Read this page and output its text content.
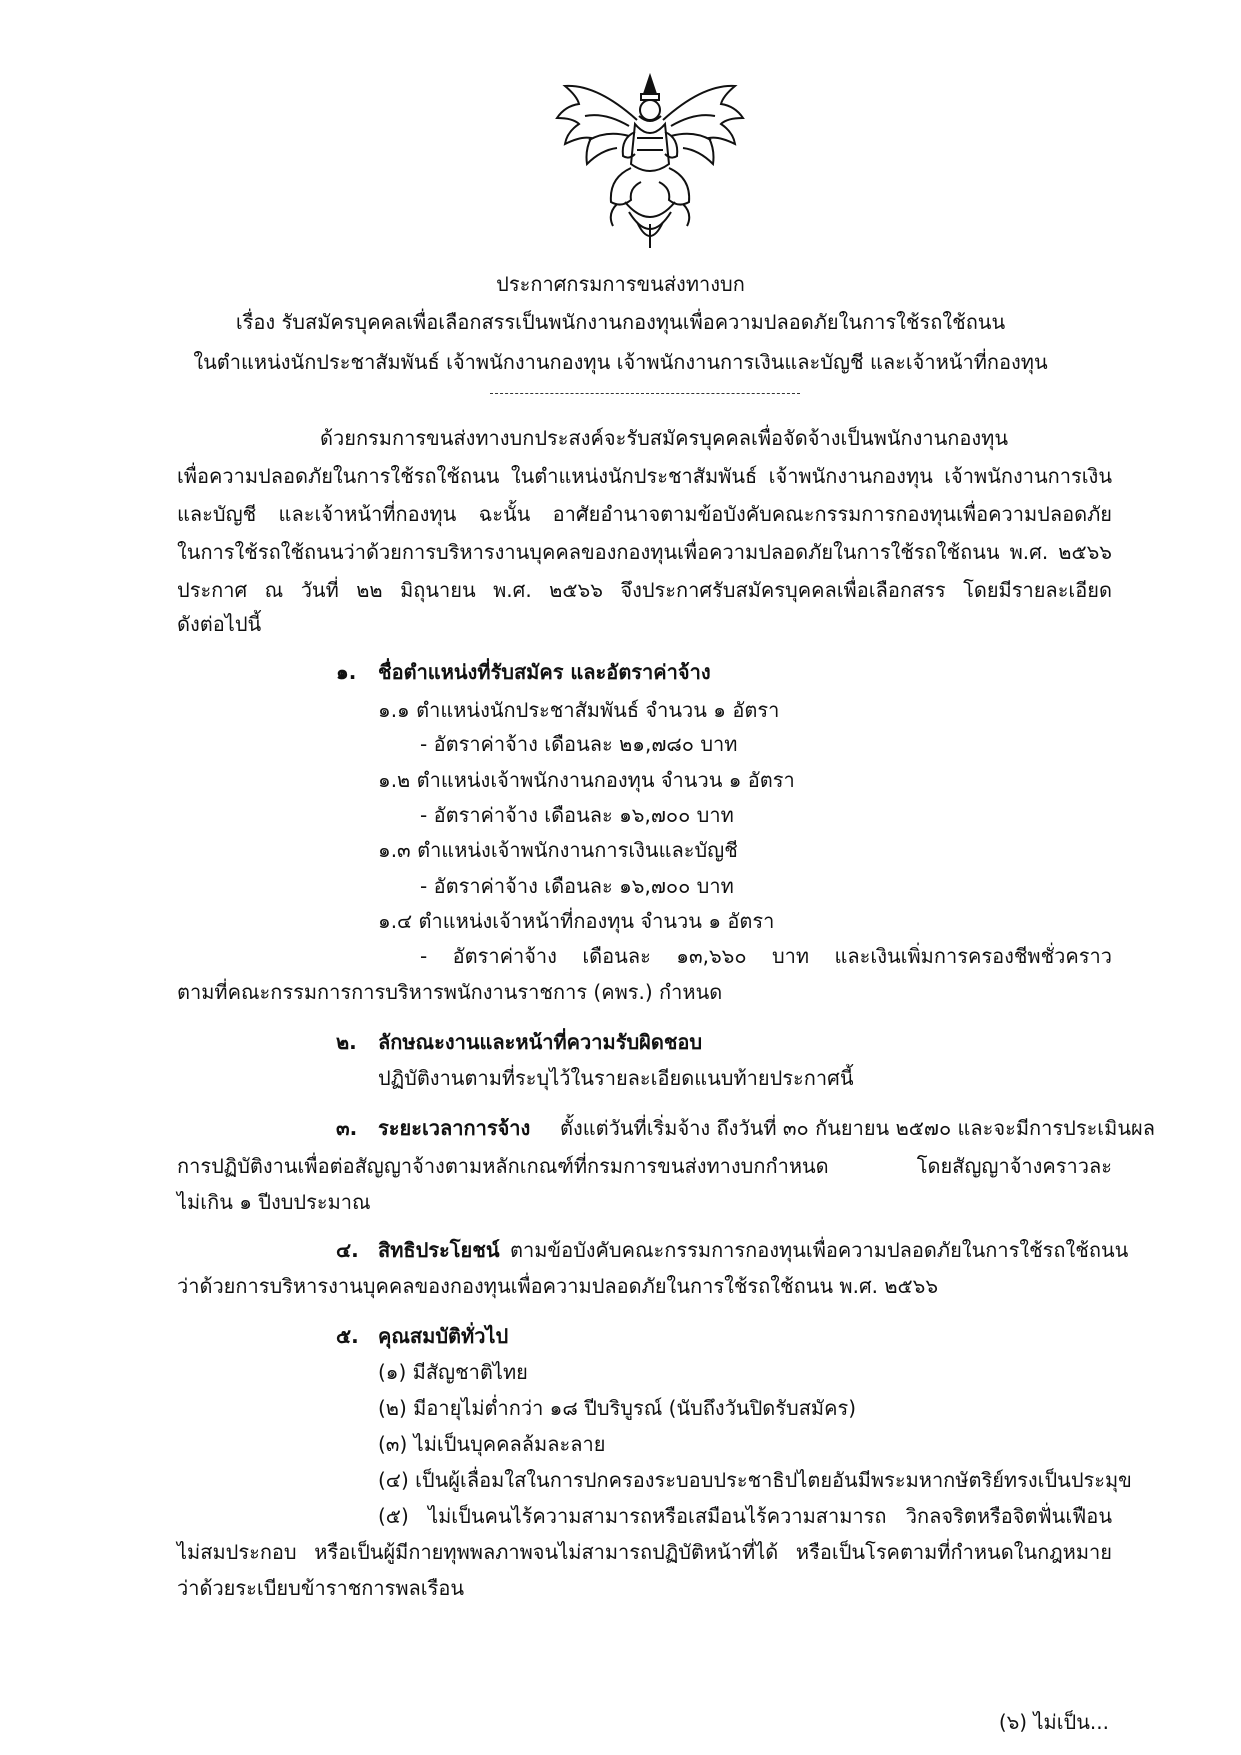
ประกาศกรมการขนส่งทางบก
เรื่อง รับสมัครบุคคลเพื่อเลือกสรรเป็นพนักงานกองทุนเพื่อความปลอดภัยในการใช้รถใช้ถนน
ในตำแหน่งนักประชาสัมพันธ์ เจ้าพนักงานกองทุน เจ้าพนักงานการเงินและบัญชี และเจ้าหน้าที่กองทุน
ด้วยกรมการขนส่งทางบกประสงค์จะรับสมัครบุคคลเพื่อจัดจ้างเป็นพนักงานกองทุน
เพื่อความปลอดภัยในการใช้รถใช้ถนน ในตำแหน่งนักประชาสัมพันธ์ เจ้าพนักงานกองทุน เจ้าพนักงานการเงิน
และบัญชี และเจ้าหน้าที่กองทุน ฉะนั้น อาศัยอำนาจตามข้อบังคับคณะกรรมการกองทุนเพื่อความปลอดภัย
ในการใช้รถใช้ถนนว่าด้วยการบริหารงานบุคคลของกองทุนเพื่อความปลอดภัยในการใช้รถใช้ถนน พ.ศ. ๒๕๖๖
ประกาศ ณ วันที่ ๒๒ มิถุนายน พ.ศ. ๒๕๖๖ จึงประกาศรับสมัครบุคคลเพื่อเลือกสรร โดยมีรายละเอียด
ดังต่อไปนี้
๑. ชื่อตำแหน่งที่รับสมัคร และอัตราค่าจ้าง
๑.๑ ตำแหน่งนักประชาสัมพันธ์ จำนวน ๑ อัตรา
- อัตราค่าจ้าง เดือนละ ๒๑,๗๘๐ บาท
๑.๒ ตำแหน่งเจ้าพนักงานกองทุน จำนวน ๑ อัตรา
- อัตราค่าจ้าง เดือนละ ๑๖,๗๐๐ บาท
๑.๓ ตำแหน่งเจ้าพนักงานการเงินและบัญชี
- อัตราค่าจ้าง เดือนละ ๑๖,๗๐๐ บาท
๑.๔ ตำแหน่งเจ้าหน้าที่กองทุน จำนวน ๑ อัตรา
- อัตราค่าจ้าง เดือนละ ๑๓,๖๖๐ บาท และเงินเพิ่มการครองชีพชั่วคราว
ตามที่คณะกรรมการการบริหารพนักงานราชการ (คพร.) กำหนด
๒. ลักษณะงานและหน้าที่ความรับผิดชอบ
ปฏิบัติงานตามที่ระบุไว้ในรายละเอียดแนบท้ายประกาศนี้
๓. ระยะเวลาการจ้าง ตั้งแต่วันที่เริ่มจ้าง ถึงวันที่ ๓๐ กันยายน ๒๕๗๐ และจะมีการประเมินผล
การปฏิบัติงานเพื่อต่อสัญญาจ้างตามหลักเกณฑ์ที่กรมการขนส่งทางบกกำหนด โดยสัญญาจ้างคราวละ
ไม่เกิน ๑ ปีงบประมาณ
๔. สิทธิประโยชน์ ตามข้อบังคับคณะกรรมการกองทุนเพื่อความปลอดภัยในการใช้รถใช้ถนน
ว่าด้วยการบริหารงานบุคคลของกองทุนเพื่อความปลอดภัยในการใช้รถใช้ถนน พ.ศ. ๒๕๖๖
๕. คุณสมบัติทั่วไป
(๑) มีสัญชาติไทย
(๒) มีอายุไม่ต่ำกว่า ๑๘ ปีบริบูรณ์ (นับถึงวันปิดรับสมัคร)
(๓) ไม่เป็นบุคคลล้มละลาย
(๔) เป็นผู้เลื่อมใสในการปกครองระบอบประชาธิปไตยอันมีพระมหากษัตริย์ทรงเป็นประมุข
(๕) ไม่เป็นคนไร้ความสามารถหรือเสมือนไร้ความสามารถ วิกลจริตหรือจิตฟั่นเฟือน
ไม่สมประกอบ หรือเป็นผู้มีกายทุพพลภาพจนไม่สามารถปฏิบัติหน้าที่ได้ หรือเป็นโรคตามที่กำหนดในกฎหมาย
ว่าด้วยระเบียบข้าราชการพลเรือน
(๖) ไม่เป็น...
